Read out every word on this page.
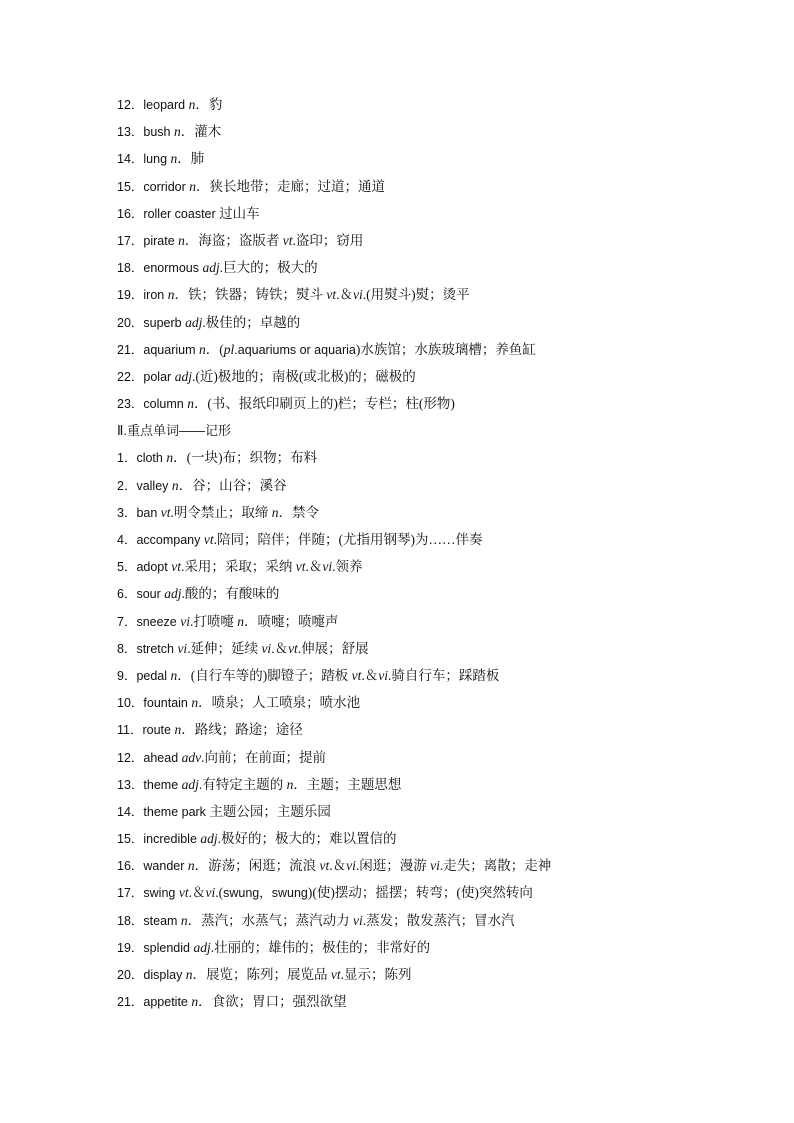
12．leopard n．豹
13．bush n．灌木
14．lung n．肺
15．corridor n．狭长地带；走廊；过道；通道
16．roller coaster 过山车
17．pirate n．海盗；盗版者 vt.盗印；窃用
18．enormous adj.巨大的；极大的
19．iron n．铁；铁器；铸铁；熨斗 vt.＆vi.(用熨斗)熨；烫平
20．superb adj.极佳的；卓越的
21．aquarium n．(pl.aquariums or aquaria)水族馆；水族玻璃槽；养鱼缸
22．polar adj.(近)极地的；南极(或北极)的；磁极的
23．column n．(书、报纸印刷页上的)栏；专栏；柱(形物)
Ⅱ.重点单词——记形
1．cloth n．(一块)布；织物；布料
2．valley n．谷；山谷；溪谷
3．ban vt.明令禁止；取缔 n．禁令
4．accompany vt.陪同；陪伴；伴随；(尤指用钢琴)为……伴奏
5．adopt vt.采用；采取；采纳 vt.＆vi.领养
6．sour adj.酸的；有酸味的
7．sneeze vi.打喷嚏 n．喷嚏；喷嚏声
8．stretch vi.延伸；延续 vi.＆vt.伸展；舒展
9．pedal n．(自行车等的)脚镫子；踏板 vt.＆vi.骑自行车；踩踏板
10．fountain n．喷泉；人工喷泉；喷水池
11．route n．路线；路途；途径
12．ahead adv.向前；在前面；提前
13．theme adj.有特定主题的 n．主题；主题思想
14．theme park 主题公园；主题乐园
15．incredible adj.极好的；极大的；难以置信的
16．wander n．游荡；闲逛；流浪 vt.＆vi.闲逛；漫游 vi.走失；离散；走神
17．swing vt.＆vi.(swung，swung)(使)摆动；摇摆；转弯；(使)突然转向
18．steam n．蒸汽；水蒸气；蒸汽动力 vi.蒸发；散发蒸汽；冒水汽
19．splendid adj.壮丽的；雄伟的；极佳的；非常好的
20．display n．展览；陈列；展览品 vt.显示；陈列
21．appetite n．食欲；胃口；强烈欲望
